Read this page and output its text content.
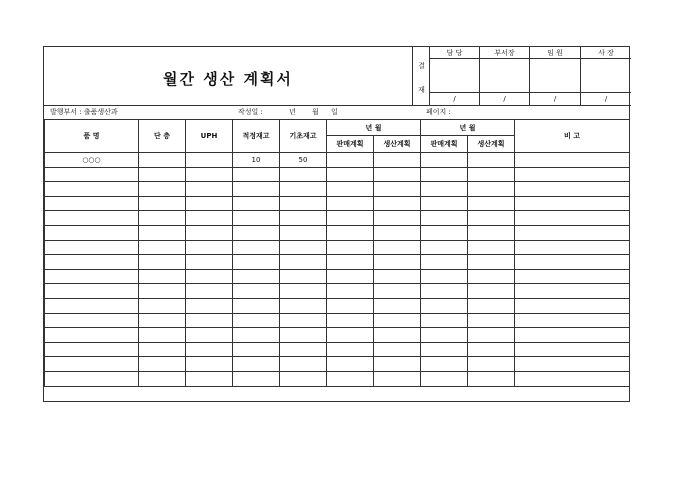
월간 생산 계획서
결
재
담 당	부서장	임 원	사 장
/	/	/	/
발행부서 : 출품생산과	작성일 :	년 월 일	페이지 :
품 명	단 층	UPH	적정재고	기초재고	년 월		년 월		비 고
					판매계획	생산계획	판매계획	생산계획	
○○○			10	50					
